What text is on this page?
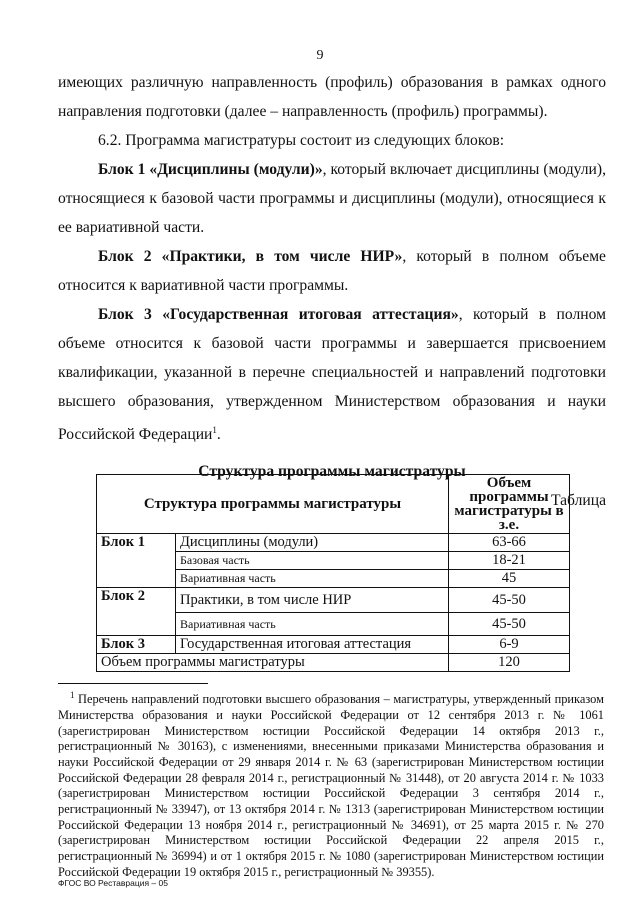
9

имеющих различную направленность (профиль) образования в рамках одного направления подготовки (далее – направленность (профиль) программы).

6.2. Программа магистратуры состоит из следующих блоков:

Блок 1 «Дисциплины (модули)», который включает дисциплины (модули), относящиеся к базовой части программы и дисциплины (модули), относящиеся к ее вариативной части.

Блок 2 «Практики, в том числе НИР», который в полном объеме относится к вариативной части программы.

Блок 3 «Государственная итоговая аттестация», который в полном объеме относится к базовой части программы и завершается присвоением квалификации, указанной в перечне специальностей и направлений подготовки высшего образования, утвержденном Министерством образования и науки Российской Федерации$^1$.

Структура программы магистратуры

Таблица

Структура программы магистратуры		Объем программы магистратуры в з.е.
Блок 1	Дисциплины (модули)	63-66
	Базовая часть	18-21
	Вариативная часть	45
Блок 2	Практики, в том числе НИР	45-50
	Вариативная часть	45-50
Блок 3	Государственная итоговая аттестация	6-9
Объем программы магистратуры		120

$^1$ Перечень направлений подготовки высшего образования – магистратуры, утвержденный приказом Министерства образования и науки Российской Федерации от 12 сентября 2013 г. № 1061 (зарегистрирован Министерством юстиции Российской Федерации 14 октября 2013 г., регистрационный № 30163), с изменениями, внесенными приказами Министерства образования и науки Российской Федерации от 29 января 2014 г. № 63 (зарегистрирован Министерством юстиции Российской Федерации 28 февраля 2014 г., регистрационный № 31448), от 20 августа 2014 г. № 1033 (зарегистрирован Министерством юстиции Российской Федерации 3 сентября 2014 г., регистрационный № 33947), от 13 октября 2014 г. № 1313 (зарегистрирован Министерством юстиции Российской Федерации 13 ноября 2014 г., регистрационный № 34691), от 25 марта 2015 г. № 270 (зарегистрирован Министерством юстиции Российской Федерации 22 апреля 2015 г., регистрационный № 36994) и от 1 октября 2015 г. № 1080 (зарегистрирован Министерством юстиции Российской Федерации 19 октября 2015 г., регистрационный № 39355).

ФГОС ВО Реставрация – 05
